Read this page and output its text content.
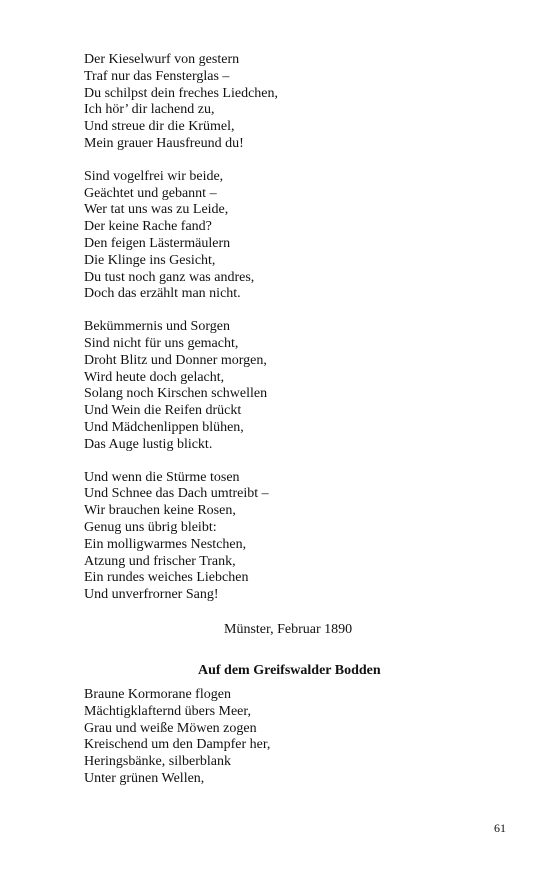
Der Kieselwurf von gestern
Traf nur das Fensterglas –
Du schilpst dein freches Liedchen,
Ich hör’ dir lachend zu,
Und streue dir die Krümel,
Mein grauer Hausfreund du!
Sind vogelfrei wir beide,
Geächtet und gebannt –
Wer tat uns was zu Leide,
Der keine Rache fand?
Den feigen Lästermäulern
Die Klinge ins Gesicht,
Du tust noch ganz was andres,
Doch das erzählt man nicht.
Bekümmernis und Sorgen
Sind nicht für uns gemacht,
Droht Blitz und Donner morgen,
Wird heute doch gelacht,
Solang noch Kirschen schwellen
Und Wein die Reifen drückt
Und Mädchenlippen blühen,
Das Auge lustig blickt.
Und wenn die Stürme tosen
Und Schnee das Dach umtreibt –
Wir brauchen keine Rosen,
Genug uns übrig bleibt:
Ein molligwarmes Nestchen,
Atzung und frischer Trank,
Ein rundes weiches Liebchen
Und unverfrorner Sang!
Münster, Februar 1890
Auf dem Greifswalder Bodden
Braune Kormorane flogen
Mächtigklafternd übers Meer,
Grau und weiße Möwen zogen
Kreischend um den Dampfer her,
Heringsbänke, silberblank
Unter grünen Wellen,
61
